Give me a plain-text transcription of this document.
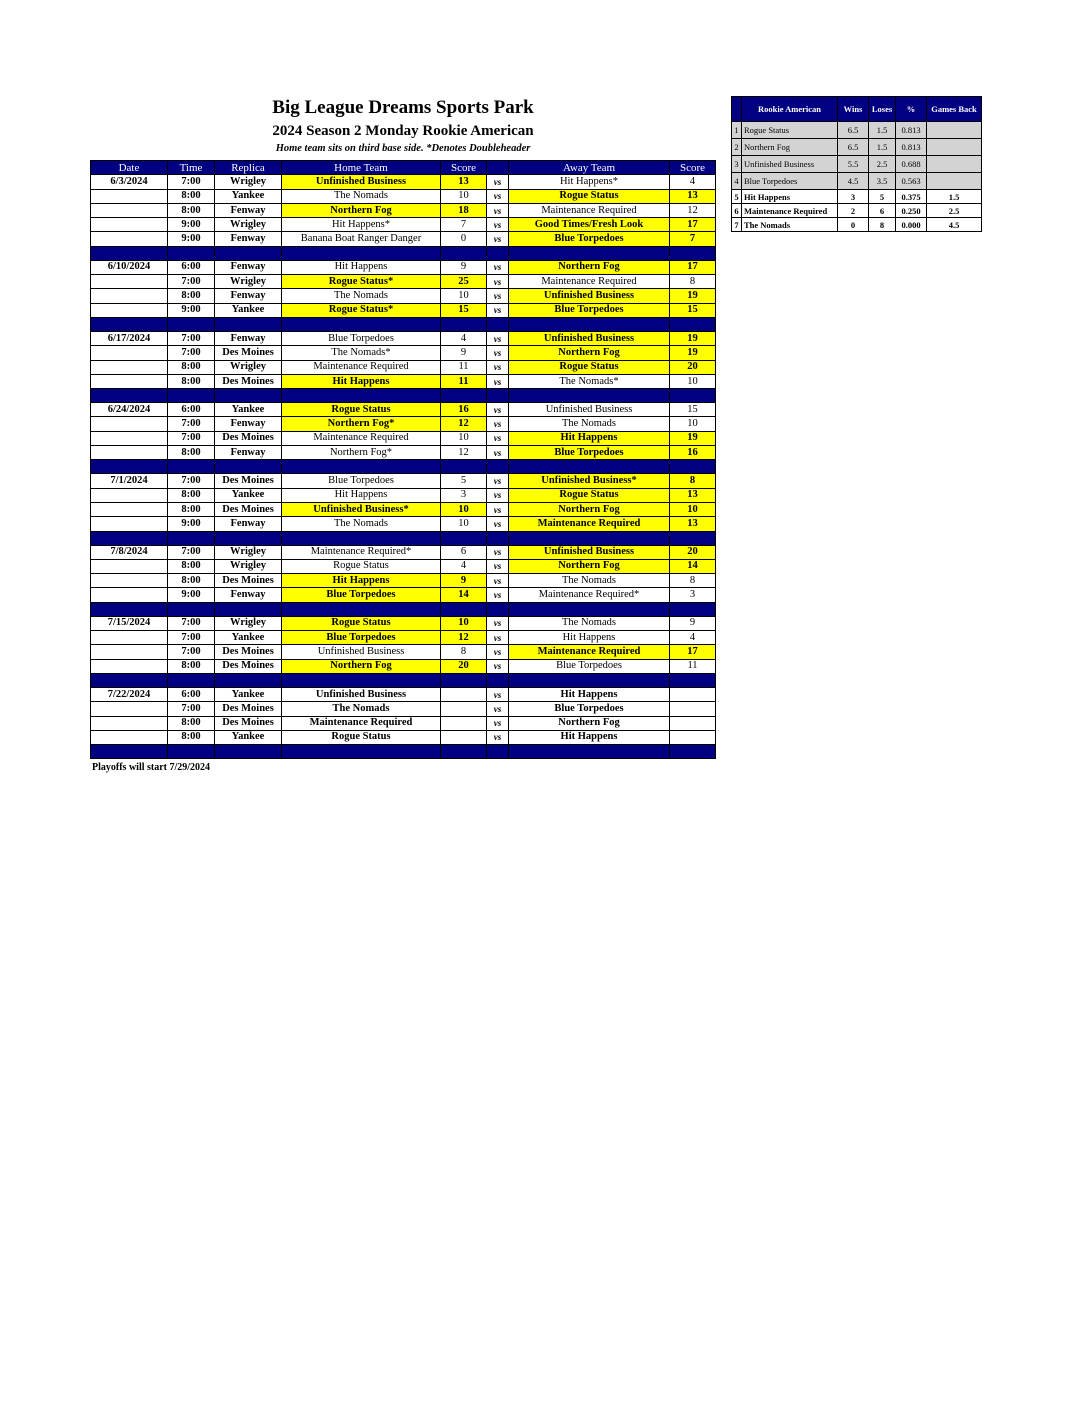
Big League Dreams Sports Park
2024 Season 2 Monday Rookie American
Home team sits on third base side. *Denotes Doubleheader
Date	Time	Replica	Home Team	Score		Away Team	Score
6/3/2024	7:00	Wrigley	Unfinished Business	13	vs	Hit Happens*	4
	8:00	Yankee	The Nomads	10	vs	Rogue Status	13
	8:00	Fenway	Northern Fog	18	vs	Maintenance Required	12
	9:00	Wrigley	Hit Happens*	7	vs	Good Times/Fresh Look	17
	9:00	Fenway	Banana Boat Ranger Danger	0	vs	Blue Torpedoes	7

6/10/2024	6:00	Fenway	Hit Happens	9	vs	Northern Fog	17
	7:00	Wrigley	Rogue Status*	25	vs	Maintenance Required	8
	8:00	Fenway	The Nomads	10	vs	Unfinished Business	19
	9:00	Yankee	Rogue Status*	15	vs	Blue Torpedoes	15

6/17/2024	7:00	Fenway	Blue Torpedoes	4	vs	Unfinished Business	19
	7:00	Des Moines	The Nomads*	9	vs	Northern Fog	19
	8:00	Wrigley	Maintenance Required	11	vs	Rogue Status	20
	8:00	Des Moines	Hit Happens	11	vs	The Nomads*	10

6/24/2024	6:00	Yankee	Rogue Status	16	vs	Unfinished Business	15
	7:00	Fenway	Northern Fog*	12	vs	The Nomads	10
	7:00	Des Moines	Maintenance Required	10	vs	Hit Happens	19
	8:00	Fenway	Northern Fog*	12	vs	Blue Torpedoes	16

7/1/2024	7:00	Des Moines	Blue Torpedoes	5	vs	Unfinished Business*	8
	8:00	Yankee	Hit Happens	3	vs	Rogue Status	13
	8:00	Des Moines	Unfinished Business*	10	vs	Northern Fog	10
	9:00	Fenway	The Nomads	10	vs	Maintenance Required	13

7/8/2024	7:00	Wrigley	Maintenance Required*	6	vs	Unfinished Business	20
	8:00	Wrigley	Rogue Status	4	vs	Northern Fog	14
	8:00	Des Moines	Hit Happens	9	vs	The Nomads	8
	9:00	Fenway	Blue Torpedoes	14	vs	Maintenance Required*	3

7/15/2024	7:00	Wrigley	Rogue Status	10	vs	The Nomads	9
	7:00	Yankee	Blue Torpedoes	12	vs	Hit Happens	4
	7:00	Des Moines	Unfinished Business	8	vs	Maintenance Required	17
	8:00	Des Moines	Northern Fog	20	vs	Blue Torpedoes	11

7/22/2024	6:00	Yankee	Unfinished Business		vs	Hit Happens	
	7:00	Des Moines	The Nomads		vs	Blue Torpedoes	
	8:00	Des Moines	Maintenance Required		vs	Northern Fog	
	8:00	Yankee	Rogue Status		vs	Hit Happens	

	Rookie American	Wins	Loses	%	Games Back
1	Rogue Status	6.5	1.5	0.813	
2	Northern Fog	6.5	1.5	0.813	
3	Unfinished Business	5.5	2.5	0.688	
4	Blue Torpedoes	4.5	3.5	0.563	
5	Hit Happens	3	5	0.375	1.5
6	Maintenance Required	2	6	0.250	2.5
7	The Nomads	0	8	0.000	4.5
Playoffs will start 7/29/2024
